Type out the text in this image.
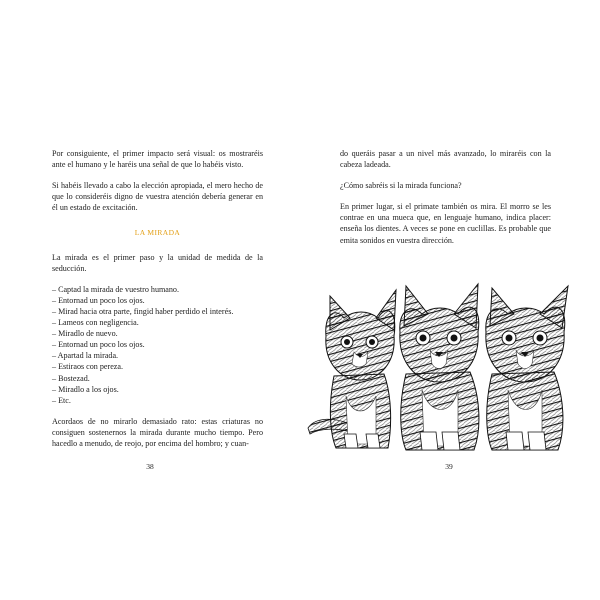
Por consiguiente, el primer impacto será visual: os mostraréis ante el humano y le haréis una señal de que lo habéis visto.

Si habéis llevado a cabo la elección apropiada, el mero hecho de que lo consideréis digno de vuestra atención debería generar en él un estado de excitación.

LA MIRADA

La mirada es el primer paso y la unidad de medida de la seducción.

– Captad la mirada de vuestro humano.
– Entornad un poco los ojos.
– Mirad hacia otra parte, fingid haber perdido el interés.
– Lameos con negligencia.
– Miradlo de nuevo.
– Entornad un poco los ojos.
– Apartad la mirada.
– Estiraos con pereza.
– Bostezad.
– Miradlo a los ojos.
– Etc.

Acordaos de no mirarlo demasiado rato: estas criaturas no consiguen sostenernos la mirada durante mucho tiempo. Pero hacedlo a menudo, de reojo, por encima del hombro; y cuan-

38

do queráis pasar a un nivel más avanzado, lo miraréis con la cabeza ladeada.

¿Cómo sabréis si la mirada funciona?

En primer lugar, si el primate también os mira. El morro se les contrae en una mueca que, en lenguaje humano, indica placer: enseña los dientes. A veces se pone en cuclillas. Es probable que emita sonidos en vuestra dirección.

39
